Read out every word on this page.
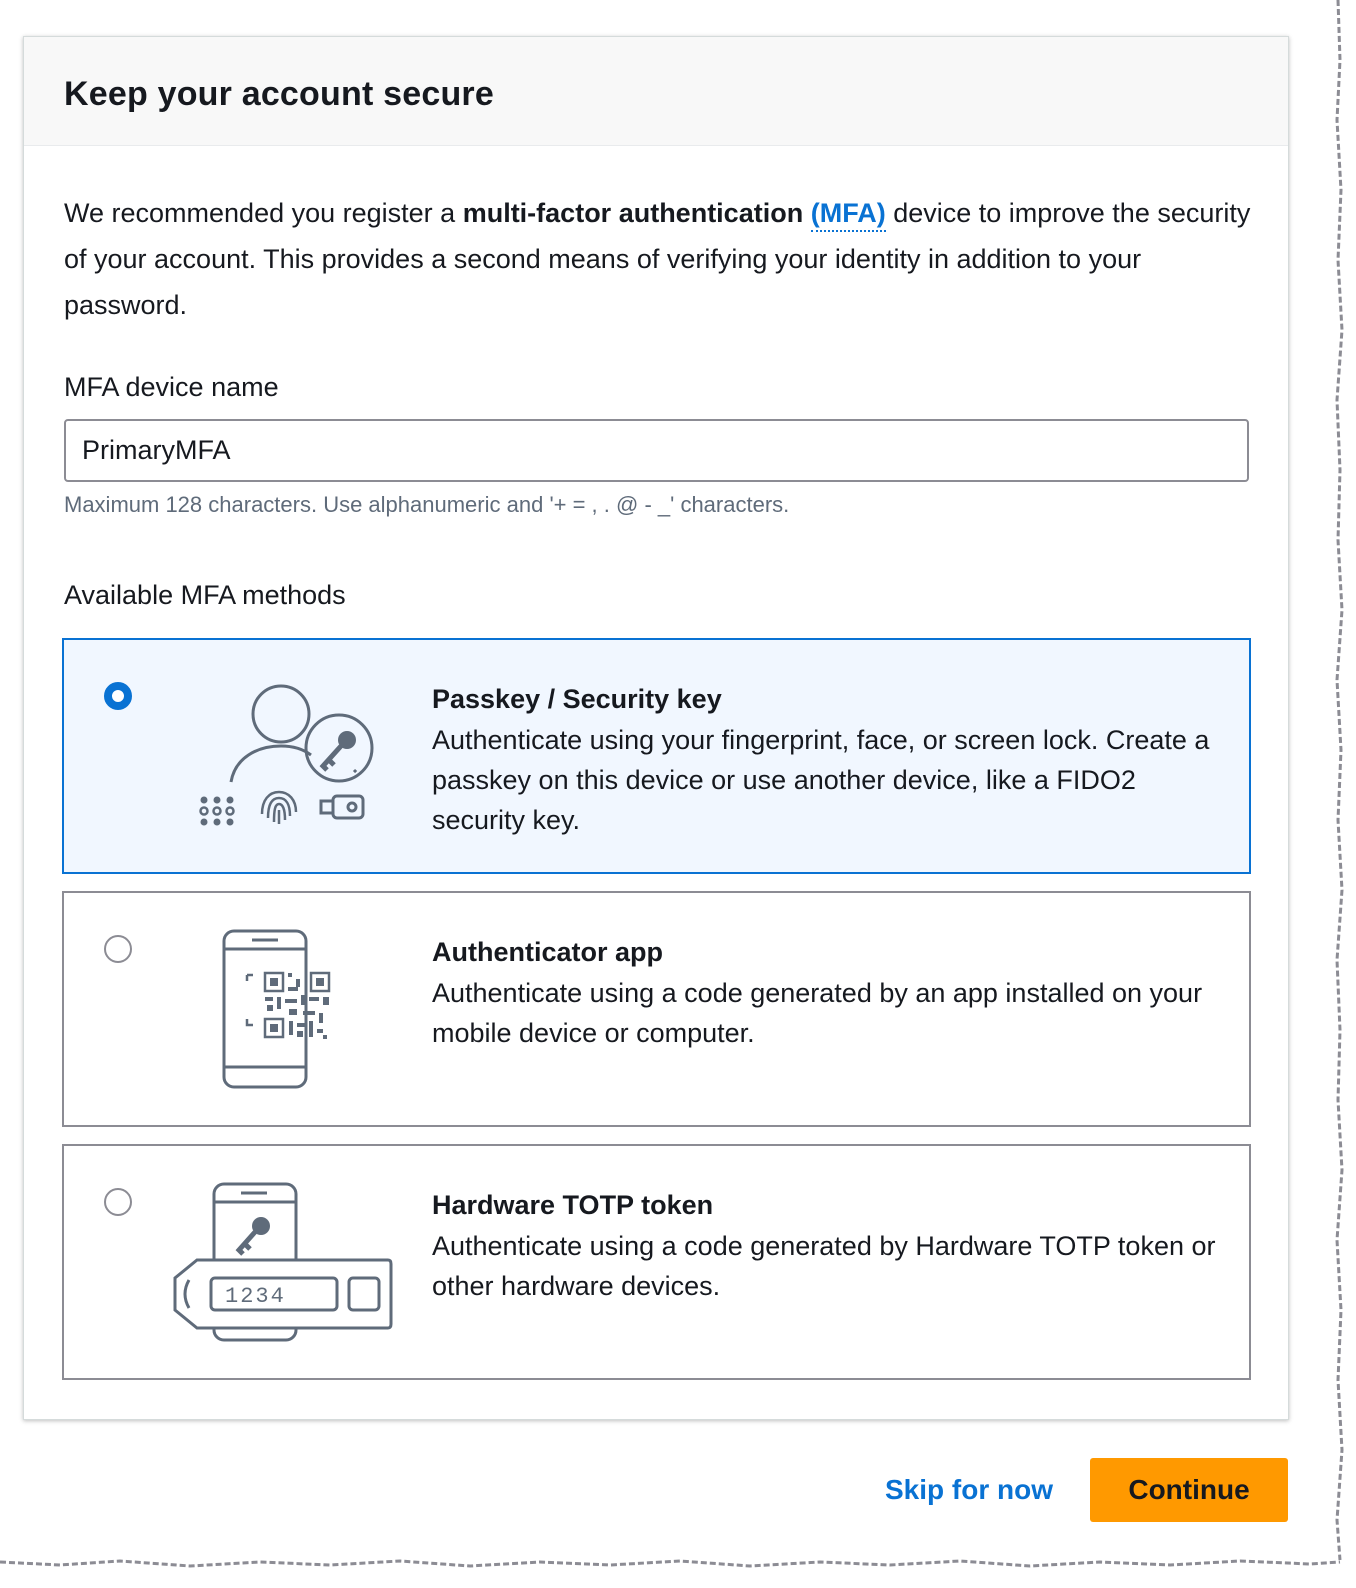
Keep your account secure

We recommended you register a multi-factor authentication (MFA) device to improve the security of your account. This provides a second means of verifying your identity in addition to your password.

MFA device name
PrimaryMFA
Maximum 128 characters. Use alphanumeric and '+ = , . @ - _' characters.
Available MFA methods
Passkey / Security key
Authenticate using your fingerprint, face, or screen lock. Create a passkey on this device or use another device, like a FIDO2 security key.
Authenticator app
Authenticate using a code generated by an app installed on your mobile device or computer.
1234
Hardware TOTP token
Authenticate using a code generated by Hardware TOTP token or other hardware devices.
Skip for now	Continue
